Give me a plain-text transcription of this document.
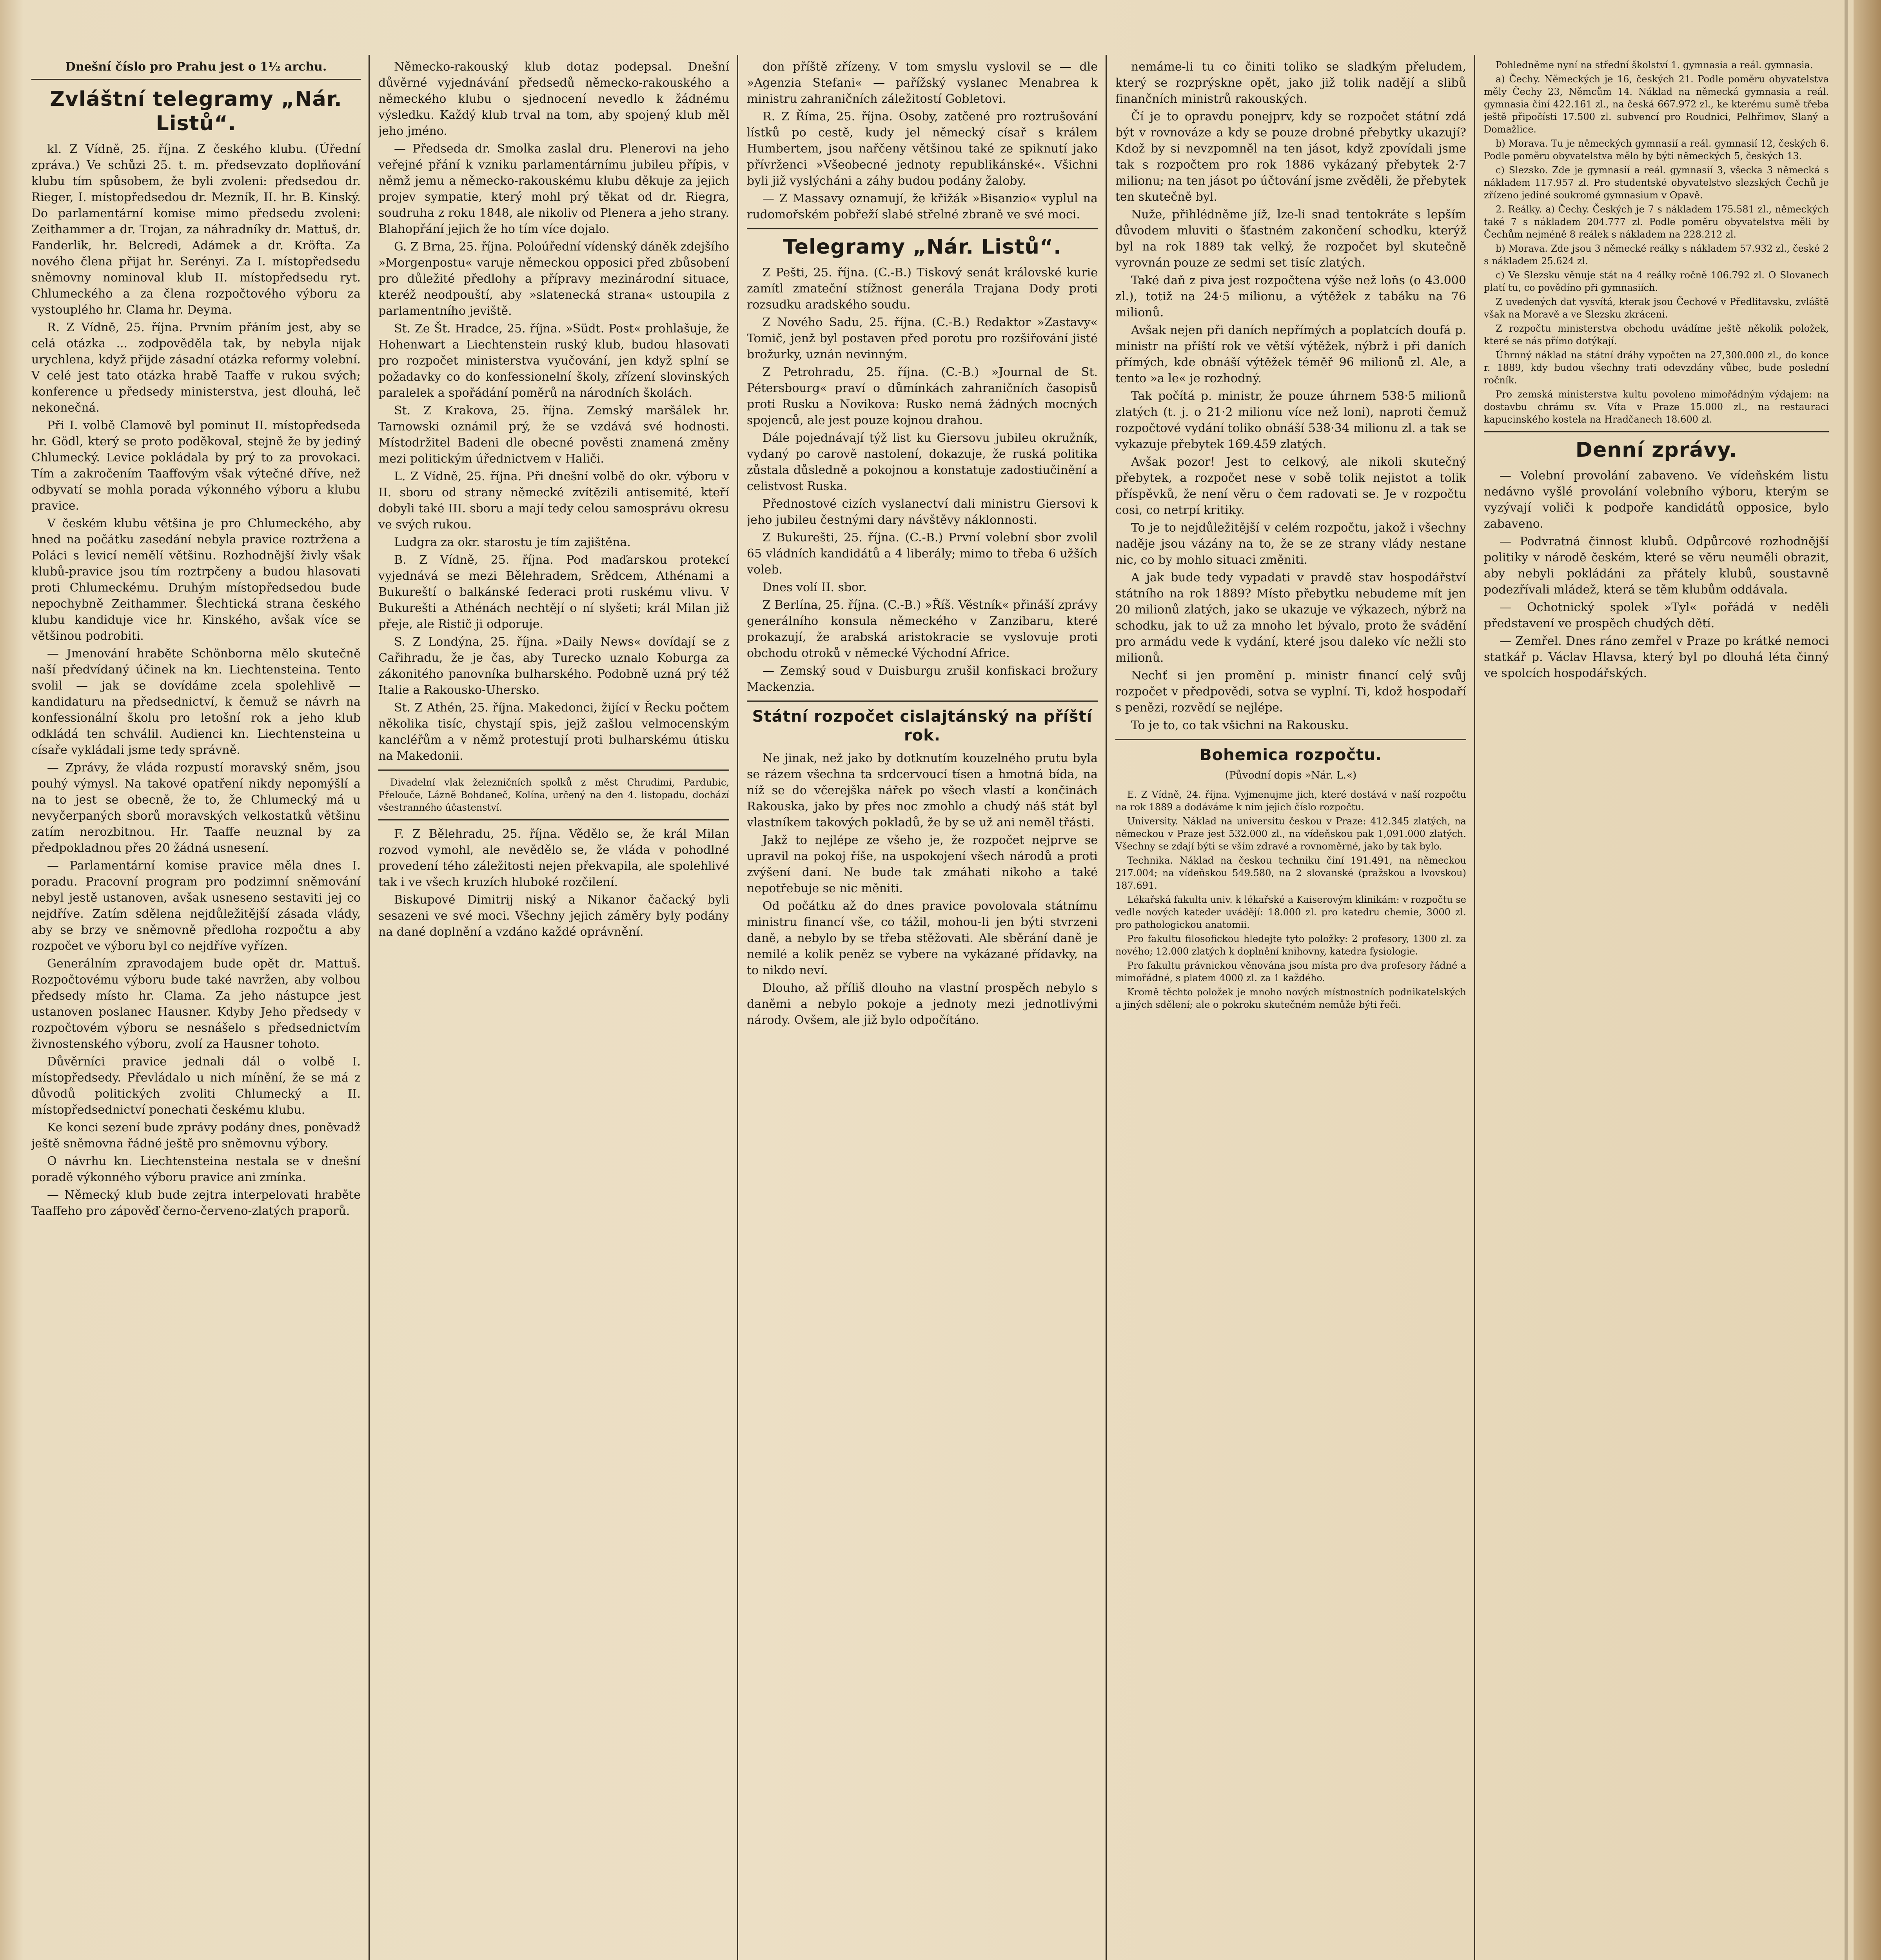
Dnešní číslo pro Prahu jest o 1½ archu.
Zvláštní telegramy „Nár. Listů“.

kl. Z Vídně, 25. října. Z českého klubu. (Úřední zpráva.) Ve schůzi 25. t. m. předsevzato doplňování klubu tím spůsobem, že byli zvoleni: předsedou dr. Rieger, I. místopředsedou dr. Mezník, II. hr. B. Kinský. Do parlamentární komise mimo předsedu zvoleni: Zeithammer a dr. Trojan, za náhradníky dr. Mattuš, dr. Fanderlik, hr. Belcredi, Adámek a dr. Kröfta. Za nového člena přijat hr. Serényi. Za I. místopředsedu sněmovny nominoval klub II. místopředsedu ryt. Chlumeckého a za člena rozpočtového výboru za vystouplého hr. Clama hr. Deyma.

R. Z Vídně, 25. října. Prvním přáním jest, aby se celá otázka ... zodpověděla tak, by nebyla nijak urychlena, když přijde zásadní otázka reformy volební. V celé jest tato otázka hrabě Taaffe v rukou svých; konference u předsedy ministerstva, jest dlouhá, leč nekonečná.

Při I. volbě Clamově byl pominut II. místopředseda hr. Gödl, který se proto poděkoval, stejně že by jediný Chlumecký. Levice pokládala by prý to za provokaci. Tím a zakročením Taaffovým však výtečné dříve, než odbyvatí se mohla porada výkonného výboru a klubu pravice.

V českém klubu většina je pro Chlumeckého, aby hned na počátku zasedání nebyla pravice roztržena a Poláci s levicí nemělí většinu. Rozhodnější živly však klubů-pravice jsou tím roztrpčeny a budou hlasovati proti Chlumeckému. Druhým místopředsedou bude nepochybně Zeithammer. Šlechtická strana českého klubu kandiduje vice hr. Kinského, avšak více se většinou podrobiti.

— Jmenování hraběte Schönborna mělo skutečně naší předvídaný účinek na kn. Liechtensteina. Tento svolil — jak se dovídáme zcela spolehlivě — kandidaturu na předsednictví, k čemuž se návrh na konfessionální školu pro letošní rok a jeho klub odkládá ten schválil. Audienci kn. Liechtensteina u císaře vykládali jsme tedy správně.

— Zprávy, že vláda rozpustí moravský sněm, jsou pouhý výmysl. Na takové opatření nikdy nepomýšlí a na to jest se obecně, že to, že Chlumecký má u nevyčerpaných sborů moravských velkostatků většinu zatím nerozbitnou. Hr. Taaffe neuznal by za předpokladnou přes 20 žádná usnesení.

— Parlamentární komise pravice měla dnes I. poradu. Pracovní program pro podzimní sněmování nebyl jestě ustanoven, avšak usneseno sestaviti jej co nejdříve. Zatím sdělena nejdůležitější zásada vlády, aby se brzy ve sněmovně předloha rozpočtu a aby rozpočet ve výboru byl co nejdříve vyřízen.

Generálním zpravodajem bude opět dr. Mattuš. Rozpočtovému výboru bude také navržen, aby volbou předsedy místo hr. Clama. Za jeho nástupce jest ustanoven poslanec Hausner. Kdyby Jeho předsedy v rozpočtovém výboru se nesnášelo s předsednictvím živnostenského výboru, zvolí za Hausner tohoto.

Důvěrníci pravice jednali dál o volbě I. místopředsedy. Převládalo u nich mínění, že se má z důvodů politických zvoliti Chlumecký a II. místopředsednictví ponechati českému klubu.

Ke konci sezení bude zprávy podány dnes, poněvadž ještě sněmovna řádné ještě pro sněmovnu výbory.

O návrhu kn. Liechtensteina nestala se v dnešní poradě výkonného výboru pravice ani zmínka.

— Německý klub bude zejtra interpelovati hraběte Taaffeho pro zápověď černo-červeno-zlatých praporů.

Německo-rakouský klub dotaz podepsal. Dnešní důvěrné vyjednávání předsedů německo-rakouského a německého klubu o sjednocení nevedlo k žádnému výsledku. Každý klub trval na tom, aby spojený klub měl jeho jméno.

— Předseda dr. Smolka zaslal dru. Plenerovi na jeho veřejné přání k vzniku parlamentárnímu jubileu přípis, v němž jemu a německo-rakouskému klubu děkuje za jejich projev sympatie, který mohl prý těkat od dr. Riegra, soudruha z roku 1848, ale nikoliv od Plenera a jeho strany. Blahopřání jejich že ho tím více dojalo.

G. Z Brna, 25. října. Poloúřední vídenský dáněk zdejšího »Morgenpostu« varuje německou opposici před zbůsobení pro důležité předlohy a přípravy mezinárodní situace, kteréž neodpouští, aby »slatenecká strana« ustoupila z parlamentního jeviště.

St. Ze Št. Hradce, 25. října. »Südt. Post« prohlašuje, že Hohenwart a Liechtenstein ruský klub, budou hlasovati pro rozpočet ministerstva vyučování, jen když splní se požadavky co do konfessionelní školy, zřízení slovinských paralelek a spořádání poměrů na národních školách.

St. Z Krakova, 25. října. Zemský maršálek hr. Tarnowski oznámil prý, že se vzdává své hodnosti. Místodržitel Badeni dle obecné pověsti znamená změny mezi politickým úřednictvem v Haliči.

L. Z Vídně, 25. října. Při dnešní volbě do okr. výboru v II. sboru od strany německé zvítězili antisemité, kteří dobyli také III. sboru a mají tedy celou samosprávu okresu ve svých rukou.

Ludgra za okr. starostu je tím zajištěna.

B. Z Vídně, 25. října. Pod maďarskou protekcí vyjednává se mezi Bělehradem, Srědcem, Athénami a Bukureští o balkánské federaci proti ruskému vlivu. V Bukurešti a Athénách nechtějí o ní slyšeti; král Milan již přeje, ale Ristič ji odporuje.

S. Z Londýna, 25. října. »Daily News« dovídají se z Cařihradu, že je čas, aby Turecko uznalo Koburga za zákonitého panovníka bulharského. Podobně uzná prý též Italie a Rakousko-Uhersko.

St. Z Athén, 25. října. Makedonci, žijící v Řecku počtem několika tisíc, chystají spis, jejž zašlou velmocenským kancléřům a v němž protestují proti bulharskému útisku na Makedonii.

Divadelní vlak železničních spolků z měst Chrudimi, Pardubic, Přelouče, Lázně Bohdaneč, Kolína, určený na den 4. listopadu, dochází všestranného účastenství.

F. Z Bělehradu, 25. října. Vědělo se, že král Milan rozvod vymohl, ale nevědělo se, že vláda v pohodlné provedení tého záležitosti nejen překvapila, ale spolehlivé tak i ve všech kruzích hluboké rozčilení.

Biskupové Dimitrij niský a Nikanor čačacký byli sesazeni ve své moci. Všechny jejich záměry byly podány na dané doplnění a vzdáno každé oprávnění.

don příště zřízeny. V tom smyslu vyslovil se — dle »Agenzia Stefani« — pařížský vyslanec Menabrea k ministru zahraničních záležitostí Gobletovi.

R. Z Říma, 25. října. Osoby, zatčené pro roztrušování lístků po cestě, kudy jel německý císař s králem Humbertem, jsou nařčeny většinou také ze spiknutí jako přívrženci »Všeobecné jednoty republikánské«. Všichni byli již vyslýcháni a záhy budou podány žaloby.

— Z Massavy oznamují, že křižák »Bisanzio« vyplul na rudomořském pobřeží slabé střelné zbraně ve své moci.

Telegramy „Nár. Listů“.

Z Pešti, 25. října. (C.-B.) Tiskový senát královské kurie zamítl zmateční stížnost generála Trajana Dody proti rozsudku aradského soudu.

Z Nového Sadu, 25. října. (C.-B.) Redaktor »Zastavy« Tomič, jenž byl postaven před porotu pro rozšiřování jisté brožurky, uznán nevinným.

Z Petrohradu, 25. října. (C.-B.) »Journal de St. Pétersbourg« praví o důmínkách zahraničních časopisů proti Rusku a Novikova: Rusko nemá žádných mocných spojenců, ale jest pouze kojnou drahou.

Dále pojednávají týž list ku Giersovu jubileu okružník, vydaný po carově nastolení, dokazuje, že ruská politika zůstala důsledně a pokojnou a konstatuje zadostiučinění a celistvost Ruska.

Přednostové cizích vyslanectví dali ministru Giersovi k jeho jubileu čestnými dary návštěvy náklonnosti.

Z Bukurešti, 25. října. (C.-B.) První volební sbor zvolil 65 vládních kandidátů a 4 liberály; mimo to třeba 6 užších voleb.

Dnes volí II. sbor.

Z Berlína, 25. října. (C.-B.) »Říš. Věstník« přináší zprávy generálního konsula německého v Zanzibaru, které prokazují, že arabská aristokracie se vyslovuje proti obchodu otroků v německé Východní Africe.

— Zemský soud v Duisburgu zrušil konfiskaci brožury Mackenzia.

Státní rozpočet cislajtánský na příští rok.

Ne jinak, než jako by dotknutím kouzelného prutu byla se rázem všechna ta srdcervoucí tísen a hmotná bída, na níž se do včerejška nářek po všech vlastí a končinách Rakouska, jako by přes noc zmohlo a chudý náš stát byl vlastníkem takových pokladů, že by se už ani neměl třásti.

Jakž to nejlépe ze všeho je, že rozpočet nejprve se upravil na pokoj říše, na uspokojení všech národů a proti zvýšení daní. Ne bude tak zmáhati nikoho a také nepotřebuje se nic měniti.

Od počátku až do dnes pravice povolovala státnímu ministru financí vše, co tážil, mohou-li jen býti stvrzeni daně, a nebylo by se třeba stěžovati. Ale sběrání daně je nemilé a kolik peněz se vybere na vykázané přídavky, na to nikdo neví.

Dlouho, až příliš dlouho na vlastní prospěch nebylo s daněmi a nebylo pokoje a jednoty mezi jednotlivými národy. Ovšem, ale již bylo odpočítáno.

nemáme-li tu co činiti toliko se sladkým přeludem, který se rozprýskne opět, jako již tolik nadějí a slibů finančních ministrů rakouských.

Čí je to opravdu ponejprv, kdy se rozpočet státní zdá být v rovnováze a kdy se pouze drobné přebytky ukazují? Kdož by si nevzpomněl na ten jásot, když zpovídali jsme tak s rozpočtem pro rok 1886 vykázaný přebytek 2·7 milionu; na ten jásot po účtování jsme zvěděli, že přebytek ten skutečně byl.

Nuže, přihlédněme jíž, lze-li snad tentokráte s lepším důvodem mluviti o šťastném zakončení schodku, kterýž byl na rok 1889 tak velký, že rozpočet byl skutečně vyrovnán pouze ze sedmi set tisíc zlatých.

Také daň z piva jest rozpočtena výše než loňs (o 43.000 zl.), totiž na 24·5 milionu, a výtěžek z tabáku na 76 milionů.

Avšak nejen při daních nepřímých a poplatcích doufá p. ministr na příští rok ve větší výtěžek, nýbrž i při daních přímých, kde obnáší výtěžek téměř 96 milionů zl. Ale, a tento »a le« je rozhodný.

Tak počítá p. ministr, že pouze úhrnem 538·5 milionů zlatých (t. j. o 21·2 milionu více než loni), naproti čemuž rozpočtové vydání toliko obnáší 538·34 milionu zl. a tak se vykazuje přebytek 169.459 zlatých.

Avšak pozor! Jest to celkový, ale nikoli skutečný přebytek, a rozpočet nese v sobě tolik nejistot a tolik příspěvků, že není věru o čem radovati se. Je v rozpočtu cosi, co netrpí kritiky.

To je to nejdůležitější v celém rozpočtu, jakož i všechny naděje jsou vázány na to, že se ze strany vlády nestane nic, co by mohlo situaci změniti.

A jak bude tedy vypadati v pravdě stav hospodářství státního na rok 1889? Místo přebytku nebudeme mít jen 20 milionů zlatých, jako se ukazuje ve výkazech, nýbrž na schodku, jak to už za mnoho let bývalo, proto že svádění pro armádu vede k vydání, které jsou daleko víc nežli sto milionů.

Nechť si jen promění p. ministr financí celý svůj rozpočet v předpovědi, sotva se vyplní. Ti, kdož hospodaří s penězi, rozvědí se nejlépe.

To je to, co tak všichni na Rakousku.

Bohemica rozpočtu.
(Původní dopis »Nár. L.«)

E. Z Vídně, 24. října. Vyjmenujme jich, které dostává v naší rozpočtu na rok 1889 a dodáváme k nim jejich číslo rozpočtu.

University. Náklad na universitu českou v Praze: 412.345 zlatých, na německou v Praze jest 532.000 zl., na vídeňskou pak 1,091.000 zlatých. Všechny se zdají býti se vším zdravé a rovnoměrné, jako by tak bylo.

Technika. Náklad na českou techniku činí 191.491, na německou 217.004; na vídeňskou 549.580, na 2 slovanské (pražskou a lvovskou) 187.691.

Lékařská fakulta univ. k lékařské a Kaiserovým klinikám: v rozpočtu se vedle nových kateder uvádějí: 18.000 zl. pro katedru chemie, 3000 zl. pro pathologickou anatomii.

Pro fakultu filosofickou hledejte tyto položky: 2 profesory, 1300 zl. za nového; 12.000 zlatých k doplnění knihovny, katedra fysiologie.

Pro fakultu právnickou věnována jsou místa pro dva profesory řádné a mimořádné, s platem 4000 zl. za 1 každého.

Kromě těchto položek je mnoho nových místnostních podnikatelských a jiných sdělení; ale o pokroku skutečném nemůže býti řeči.

Pohledněme nyní na střední školství 1. gymnasia a reál. gymnasia.

a) Čechy. Německých je 16, českých 21. Podle poměru obyvatelstva měly Čechy 23, Němcům 14. Náklad na německá gymnasia a reál. gymnasia činí 422.161 zl., na česká 667.972 zl., ke kterému sumě třeba ještě připočísti 17.500 zl. subvencí pro Roudnici, Pelhřimov, Slaný a Domažlice.

b) Morava. Tu je německých gymnasií a reál. gymnasií 12, českých 6. Podle poměru obyvatelstva mělo by býti německých 5, českých 13.

c) Slezsko. Zde je gymnasií a reál. gymnasií 3, všecka 3 německá s nákladem 117.957 zl. Pro studentské obyvatelstvo slezských Čechů je zřízeno jediné soukromé gymnasium v Opavě.

2. Reálky. a) Čechy. Českých je 7 s nákladem 175.581 zl., německých také 7 s nákladem 204.777 zl. Podle poměru obyvatelstva měli by Čechům nejméně 8 reálek s nákladem na 228.212 zl.

b) Morava. Zde jsou 3 německé reálky s nákladem 57.932 zl., české 2 s nákladem 25.624 zl.

c) Ve Slezsku věnuje stát na 4 reálky ročně 106.792 zl. O Slovanech platí tu, co povědíno při gymnasiích.

Z uvedených dat vysvítá, kterak jsou Čechové v Předlitavsku, zvláště však na Moravě a ve Slezsku zkráceni.

Z rozpočtu ministerstva obchodu uvádíme ještě několik položek, které se nás přímo dotýkají.

Úhrnný náklad na státní dráhy vypočten na 27,300.000 zl., do konce r. 1889, kdy budou všechny trati odevzdány vůbec, bude poslední ročník.

Pro zemská ministerstva kultu povoleno mimořádným výdajem: na dostavbu chrámu sv. Víta v Praze 15.000 zl., na restauraci kapucinského kostela na Hradčanech 18.600 zl.

Denní zprávy.

— Volební provolání zabaveno. Ve vídeňském listu nedávno vyšlé provolání volebního výboru, kterým se vyzývají voliči k podpoře kandidátů opposice, bylo zabaveno.

— Podvratná činnost klubů. Odpůrcové rozhodnější politiky v národě českém, které se věru neuměli obrazit, aby nebyli pokládáni za přátely klubů, soustavně podezřívali mládež, která se těm klubům oddávala.

— Ochotnický spolek »Tyl« pořádá v neděli představení ve prospěch chudých dětí.

— Zemřel. Dnes ráno zemřel v Praze po krátké nemoci statkář p. Václav Hlavsa, který byl po dlouhá léta činný ve spolcích hospodářských.
